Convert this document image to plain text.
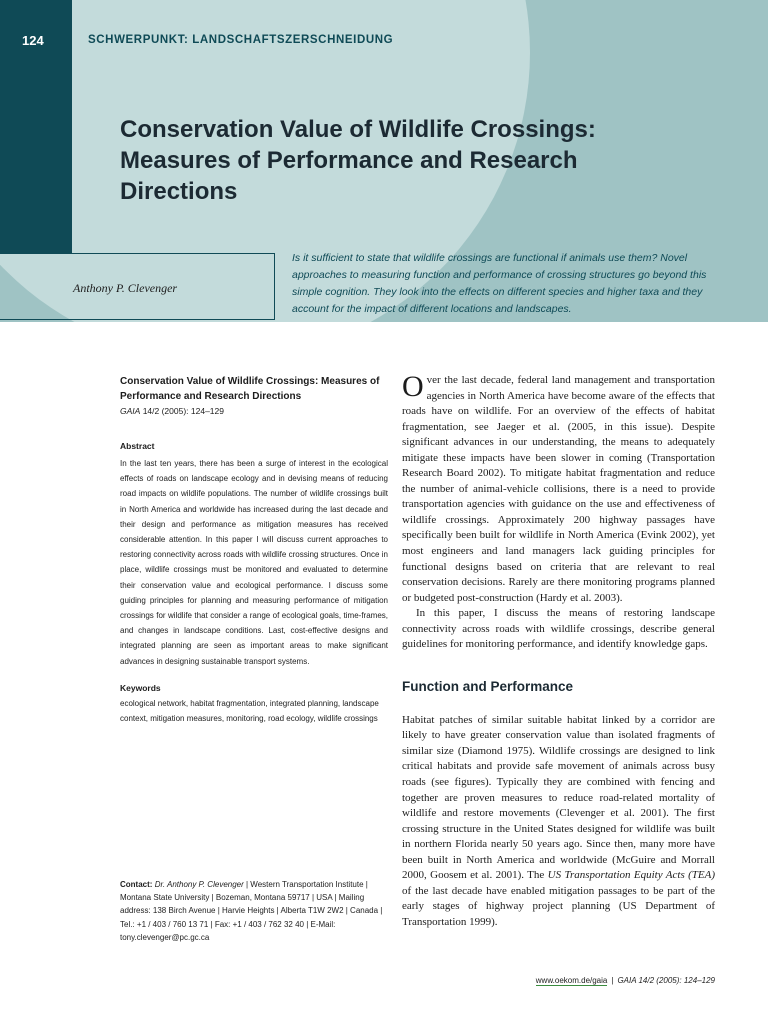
124	SCHWERPUNKT: LANDSCHAFTSZERSCHNEIDUNG
Conservation Value of Wildlife Crossings: Measures of Performance and Research Directions
Anthony P. Clevenger

Is it sufficient to state that wildlife crossings are functional if animals use them? Novel approaches to measuring function and performance of crossing structures go beyond this simple cognition. They look into the effects on different species and higher taxa and they account for the impact of different locations and landscapes.

Conservation Value of Wildlife Crossings: Measures of Performance and Research Directions

GAIA 14/2 (2005): 124–129

Abstract

In the last ten years, there has been a surge of interest in the ecological effects of roads on landscape ecology and in devising means of reducing road impacts on wildlife populations. The number of wildlife crossings built in North America and worldwide has increased during the last decade and their design and performance as mitigation measures has received considerable attention. In this paper I will discuss current approaches to restoring connectivity across roads with wildlife crossing structures. Once in place, wildlife crossings must be monitored and evaluated to determine their conservation value and ecological performance. I discuss some guiding principles for planning and measuring performance of mitigation crossings for wildlife that consider a range of ecological goals, time-frames, and changes in landscape conditions. Last, cost-effective designs and integrated planning are seen as important areas to make significant advances in designing sustainable transport systems.

Keywords

ecological network, habitat fragmentation, integrated planning, landscape context, mitigation measures, monitoring, road ecology, wildlife crossings

Contact: Dr. Anthony P. Clevenger | Western Transportation Institute | Montana State University | Bozeman, Montana 59717 | USA | Mailing address: 138 Birch Avenue | Harvie Heights | Alberta T1W 2W2 | Canada | Tel.: +1 / 403 / 760 13 71 | Fax: +1 / 403 / 762 32 40 | E-Mail: tony.clevenger@pc.gc.ca

Over the last decade, federal land management and transportation agencies in North America have become aware of the effects that roads have on wildlife. For an overview of the effects of habitat fragmentation, see Jaeger et al. (2005, in this issue). Despite significant advances in our understanding, the means to adequately mitigate these impacts have been slower in coming (Transportation Research Board 2002). To mitigate habitat fragmentation and reduce the number of animal-vehicle collisions, there is a need to provide transportation agencies with guidance on the use and effectiveness of wildlife crossings. Approximately 200 highway passages have specifically been built for wildlife in North America (Evink 2002), yet most engineers and land managers lack guiding principles for functional designs based on criteria that are relevant to real conservation decisions. Rarely are there monitoring programs planned or budgeted post-construction (Hardy et al. 2003).

In this paper, I discuss the means of restoring landscape connectivity across roads with wildlife crossings, describe general guidelines for monitoring performance, and identify knowledge gaps.

Function and Performance

Habitat patches of similar suitable habitat linked by a corridor are likely to have greater conservation value than isolated fragments of similar size (Diamond 1975). Wildlife crossings are designed to link critical habitats and provide safe movement of animals across busy roads (see figures). Typically they are combined with fencing and together are proven measures to reduce road-related mortality of wildlife and restore movements (Clevenger et al. 2001). The first crossing structure in the United States designed for wildlife was built in northern Florida nearly 50 years ago. Since then, many more have been built in North America and worldwide (McGuire and Morrall 2000, Goosem et al. 2001). The US Transportation Equity Acts (TEA) of the last decade have enabled mitigation passages to be part of the early stages of highway project planning (US Department of Transportation 1999).

www.oekom.de/gaia | GAIA 14/2 (2005): 124–129
